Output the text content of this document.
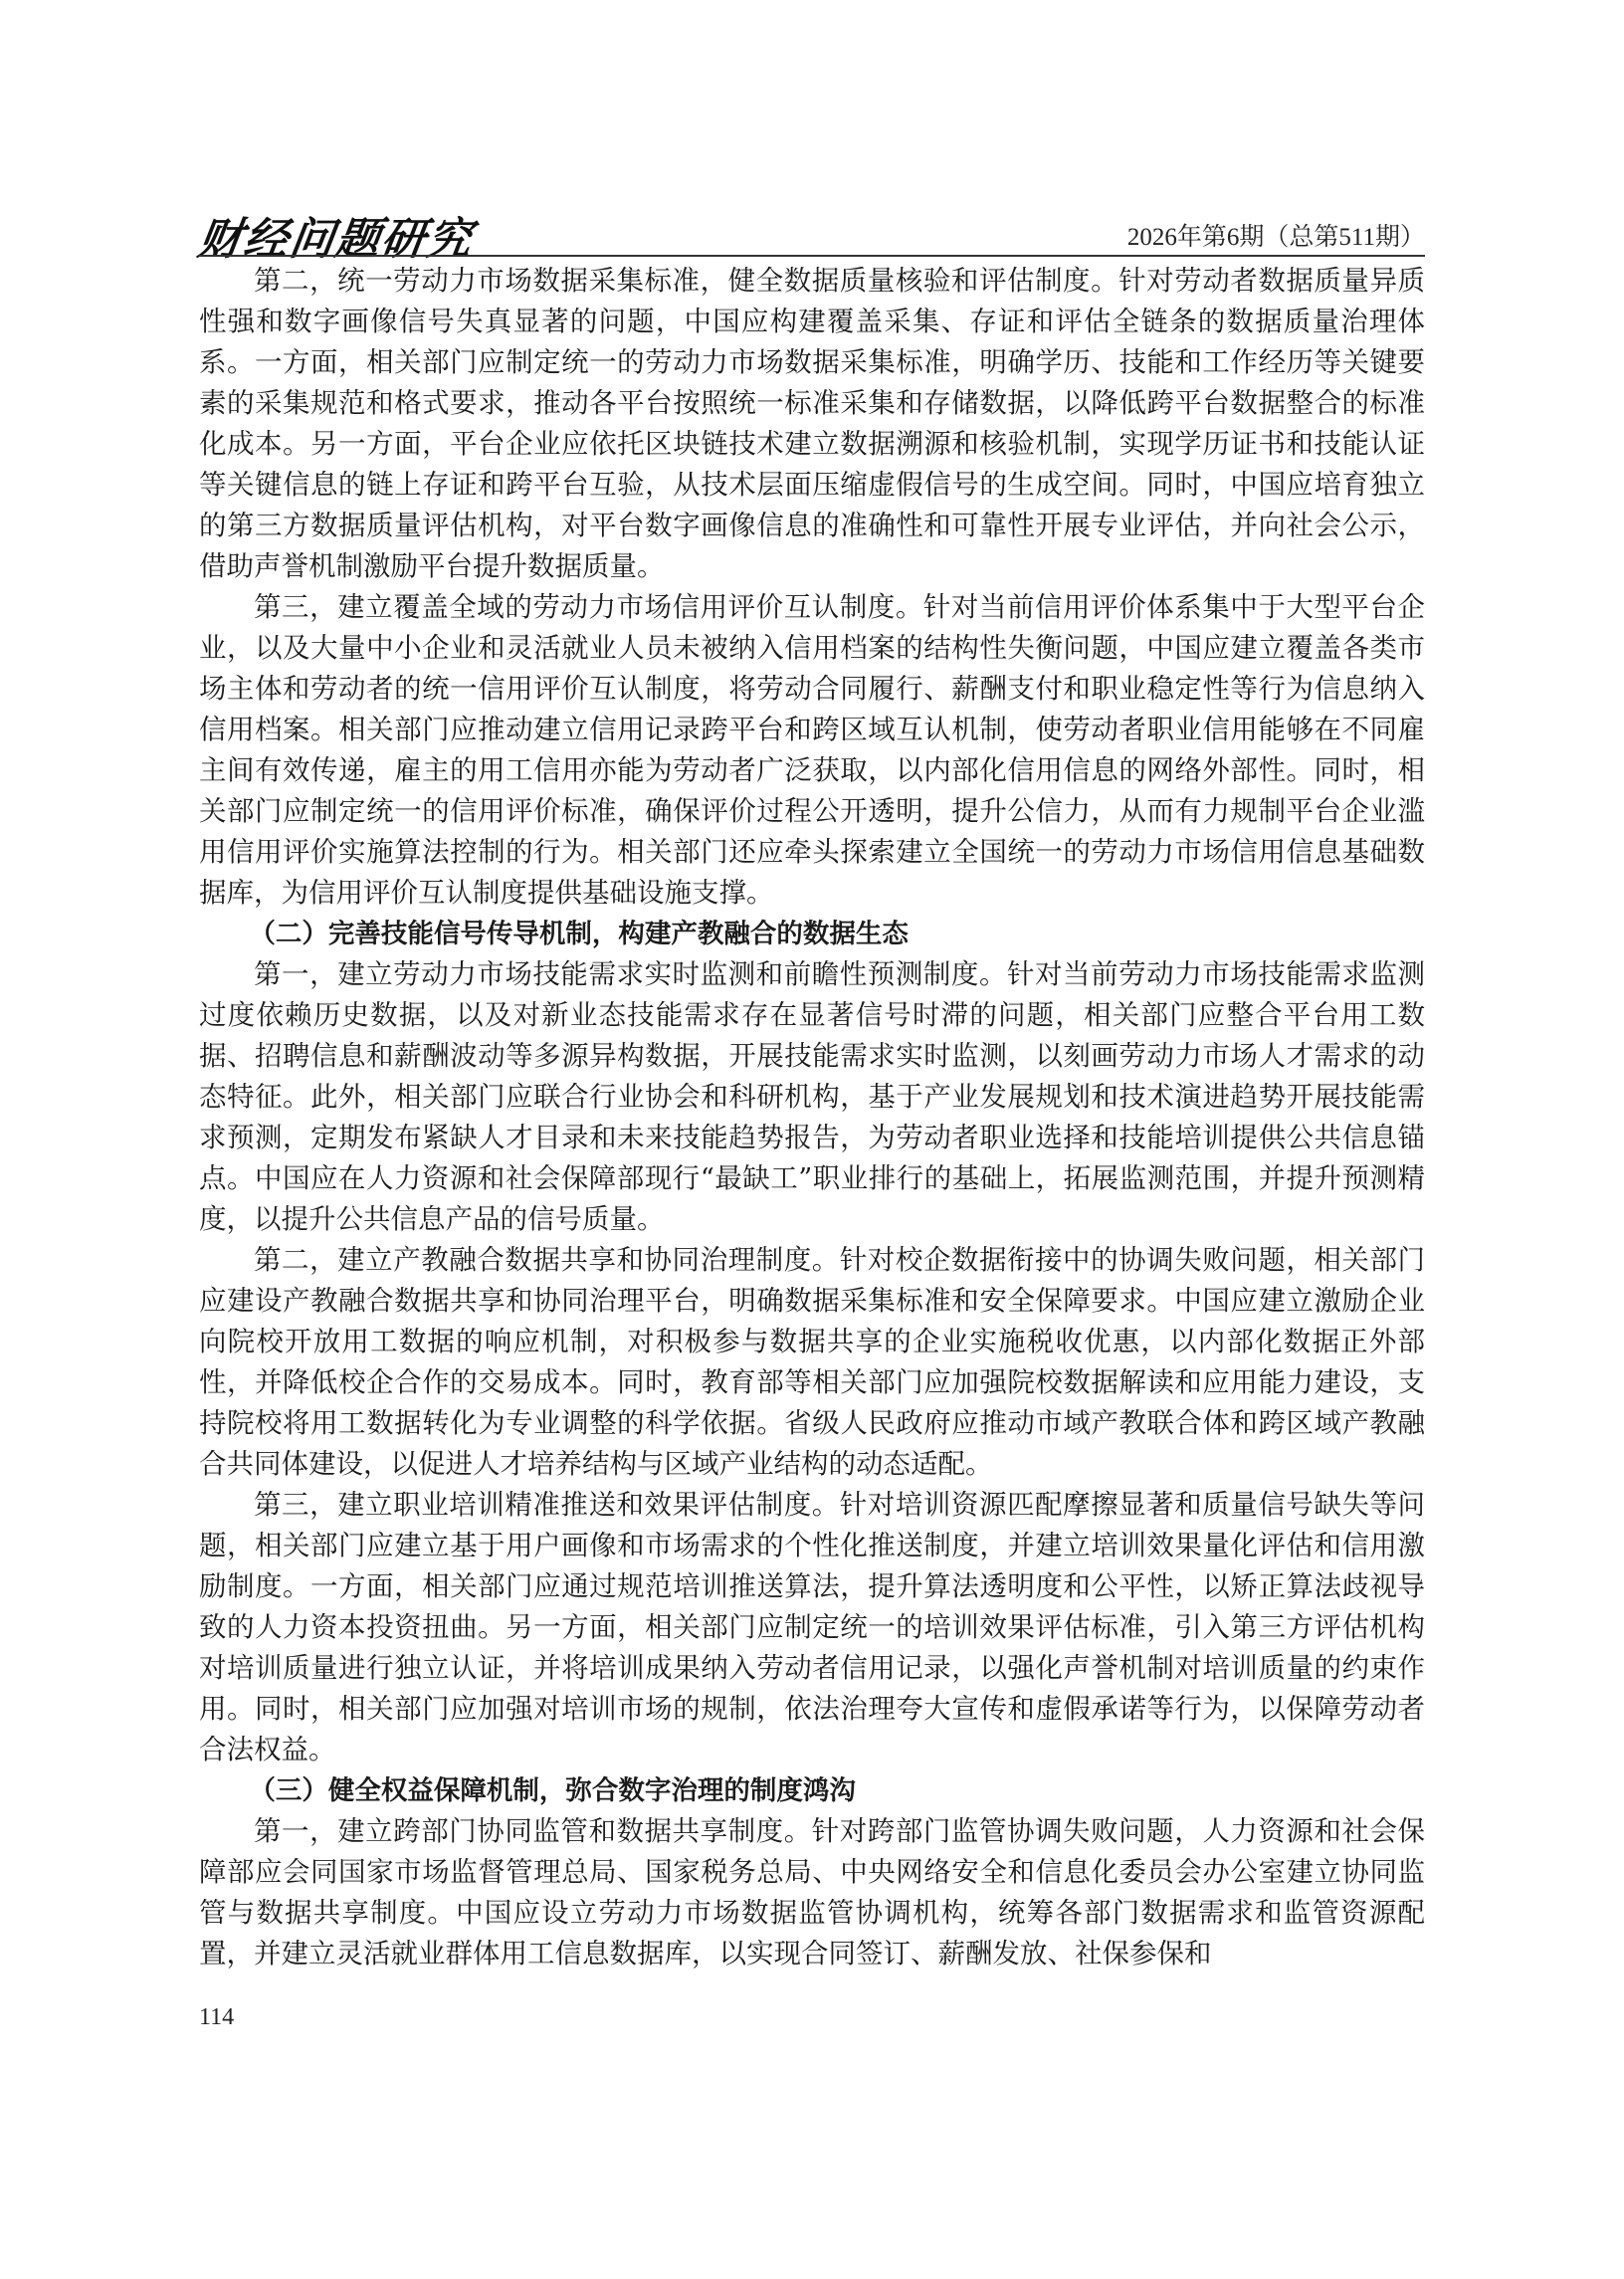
财经问题研究	2026年第6期（总第511期）

第二，统一劳动力市场数据采集标准，健全数据质量核验和评估制度。针对劳动者数据质量异质性强和数字画像信号失真显著的问题，中国应构建覆盖采集、存证和评估全链条的数据质量治理体系。一方面，相关部门应制定统一的劳动力市场数据采集标准，明确学历、技能和工作经历等关键要素的采集规范和格式要求，推动各平台按照统一标准采集和存储数据，以降低跨平台数据整合的标准化成本。另一方面，平台企业应依托区块链技术建立数据溯源和核验机制，实现学历证书和技能认证等关键信息的链上存证和跨平台互验，从技术层面压缩虚假信号的生成空间。同时，中国应培育独立的第三方数据质量评估机构，对平台数字画像信息的准确性和可靠性开展专业评估，并向社会公示，借助声誉机制激励平台提升数据质量。

第三，建立覆盖全域的劳动力市场信用评价互认制度。针对当前信用评价体系集中于大型平台企业，以及大量中小企业和灵活就业人员未被纳入信用档案的结构性失衡问题，中国应建立覆盖各类市场主体和劳动者的统一信用评价互认制度，将劳动合同履行、薪酬支付和职业稳定性等行为信息纳入信用档案。相关部门应推动建立信用记录跨平台和跨区域互认机制，使劳动者职业信用能够在不同雇主间有效传递，雇主的用工信用亦能为劳动者广泛获取，以内部化信用信息的网络外部性。同时，相关部门应制定统一的信用评价标准，确保评价过程公开透明，提升公信力，从而有力规制平台企业滥用信用评价实施算法控制的行为。相关部门还应牵头探索建立全国统一的劳动力市场信用信息基础数据库，为信用评价互认制度提供基础设施支撑。

（二）完善技能信号传导机制，构建产教融合的数据生态

第一，建立劳动力市场技能需求实时监测和前瞻性预测制度。针对当前劳动力市场技能需求监测过度依赖历史数据，以及对新业态技能需求存在显著信号时滞的问题，相关部门应整合平台用工数据、招聘信息和薪酬波动等多源异构数据，开展技能需求实时监测，以刻画劳动力市场人才需求的动态特征。此外，相关部门应联合行业协会和科研机构，基于产业发展规划和技术演进趋势开展技能需求预测，定期发布紧缺人才目录和未来技能趋势报告，为劳动者职业选择和技能培训提供公共信息锚点。中国应在人力资源和社会保障部现行“最缺工”职业排行的基础上，拓展监测范围，并提升预测精度，以提升公共信息产品的信号质量。

第二，建立产教融合数据共享和协同治理制度。针对校企数据衔接中的协调失败问题，相关部门应建设产教融合数据共享和协同治理平台，明确数据采集标准和安全保障要求。中国应建立激励企业向院校开放用工数据的响应机制，对积极参与数据共享的企业实施税收优惠，以内部化数据正外部性，并降低校企合作的交易成本。同时，教育部等相关部门应加强院校数据解读和应用能力建设，支持院校将用工数据转化为专业调整的科学依据。省级人民政府应推动市域产教联合体和跨区域产教融合共同体建设，以促进人才培养结构与区域产业结构的动态适配。

第三，建立职业培训精准推送和效果评估制度。针对培训资源匹配摩擦显著和质量信号缺失等问题，相关部门应建立基于用户画像和市场需求的个性化推送制度，并建立培训效果量化评估和信用激励制度。一方面，相关部门应通过规范培训推送算法，提升算法透明度和公平性，以矫正算法歧视导致的人力资本投资扭曲。另一方面，相关部门应制定统一的培训效果评估标准，引入第三方评估机构对培训质量进行独立认证，并将培训成果纳入劳动者信用记录，以强化声誉机制对培训质量的约束作用。同时，相关部门应加强对培训市场的规制，依法治理夸大宣传和虚假承诺等行为，以保障劳动者合法权益。

（三）健全权益保障机制，弥合数字治理的制度鸿沟

第一，建立跨部门协同监管和数据共享制度。针对跨部门监管协调失败问题，人力资源和社会保障部应会同国家市场监督管理总局、国家税务总局、中央网络安全和信息化委员会办公室建立协同监管与数据共享制度。中国应设立劳动力市场数据监管协调机构，统筹各部门数据需求和监管资源配置，并建立灵活就业群体用工信息数据库，以实现合同签订、薪酬发放、社保参保和

114
